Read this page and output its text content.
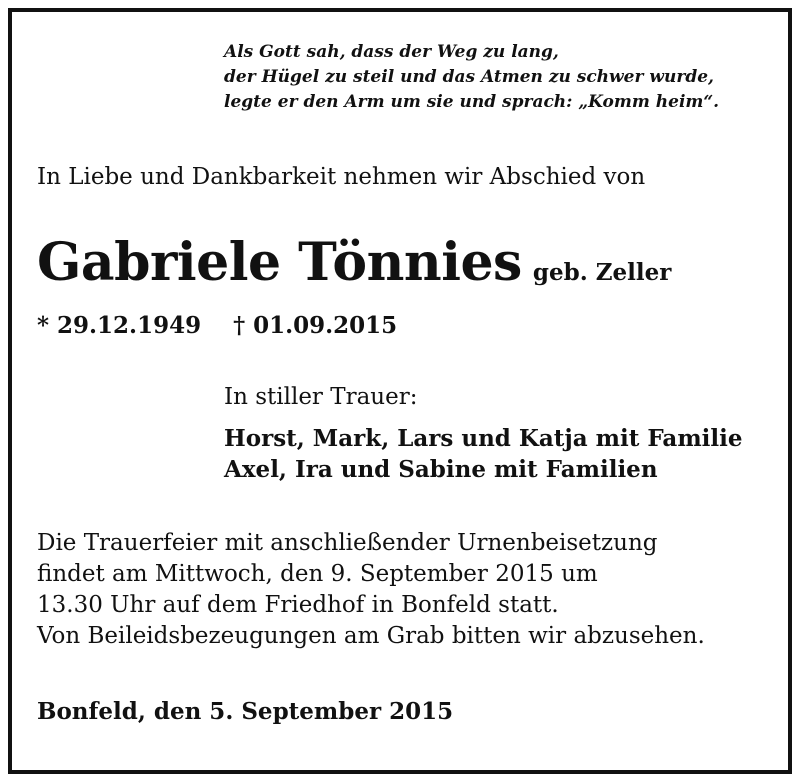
Als Gott sah, dass der Weg zu lang,
der Hügel zu steil und das Atmen zu schwer wurde,
legte er den Arm um sie und sprach: „Komm heim“.
In Liebe und Dankbarkeit nehmen wir Abschied von
Gabriele Tönnies geb. Zeller
* 29.12.1949 † 01.09.2015
In stiller Trauer:
Horst, Mark, Lars und Katja mit Familie
Axel, Ira und Sabine mit Familien
Die Trauerfeier mit anschließender Urnenbeisetzung
findet am Mittwoch, den 9. September 2015 um
13.30 Uhr auf dem Friedhof in Bonfeld statt.
Von Beileidsbezeugungen am Grab bitten wir abzusehen.
Bonfeld, den 5. September 2015
